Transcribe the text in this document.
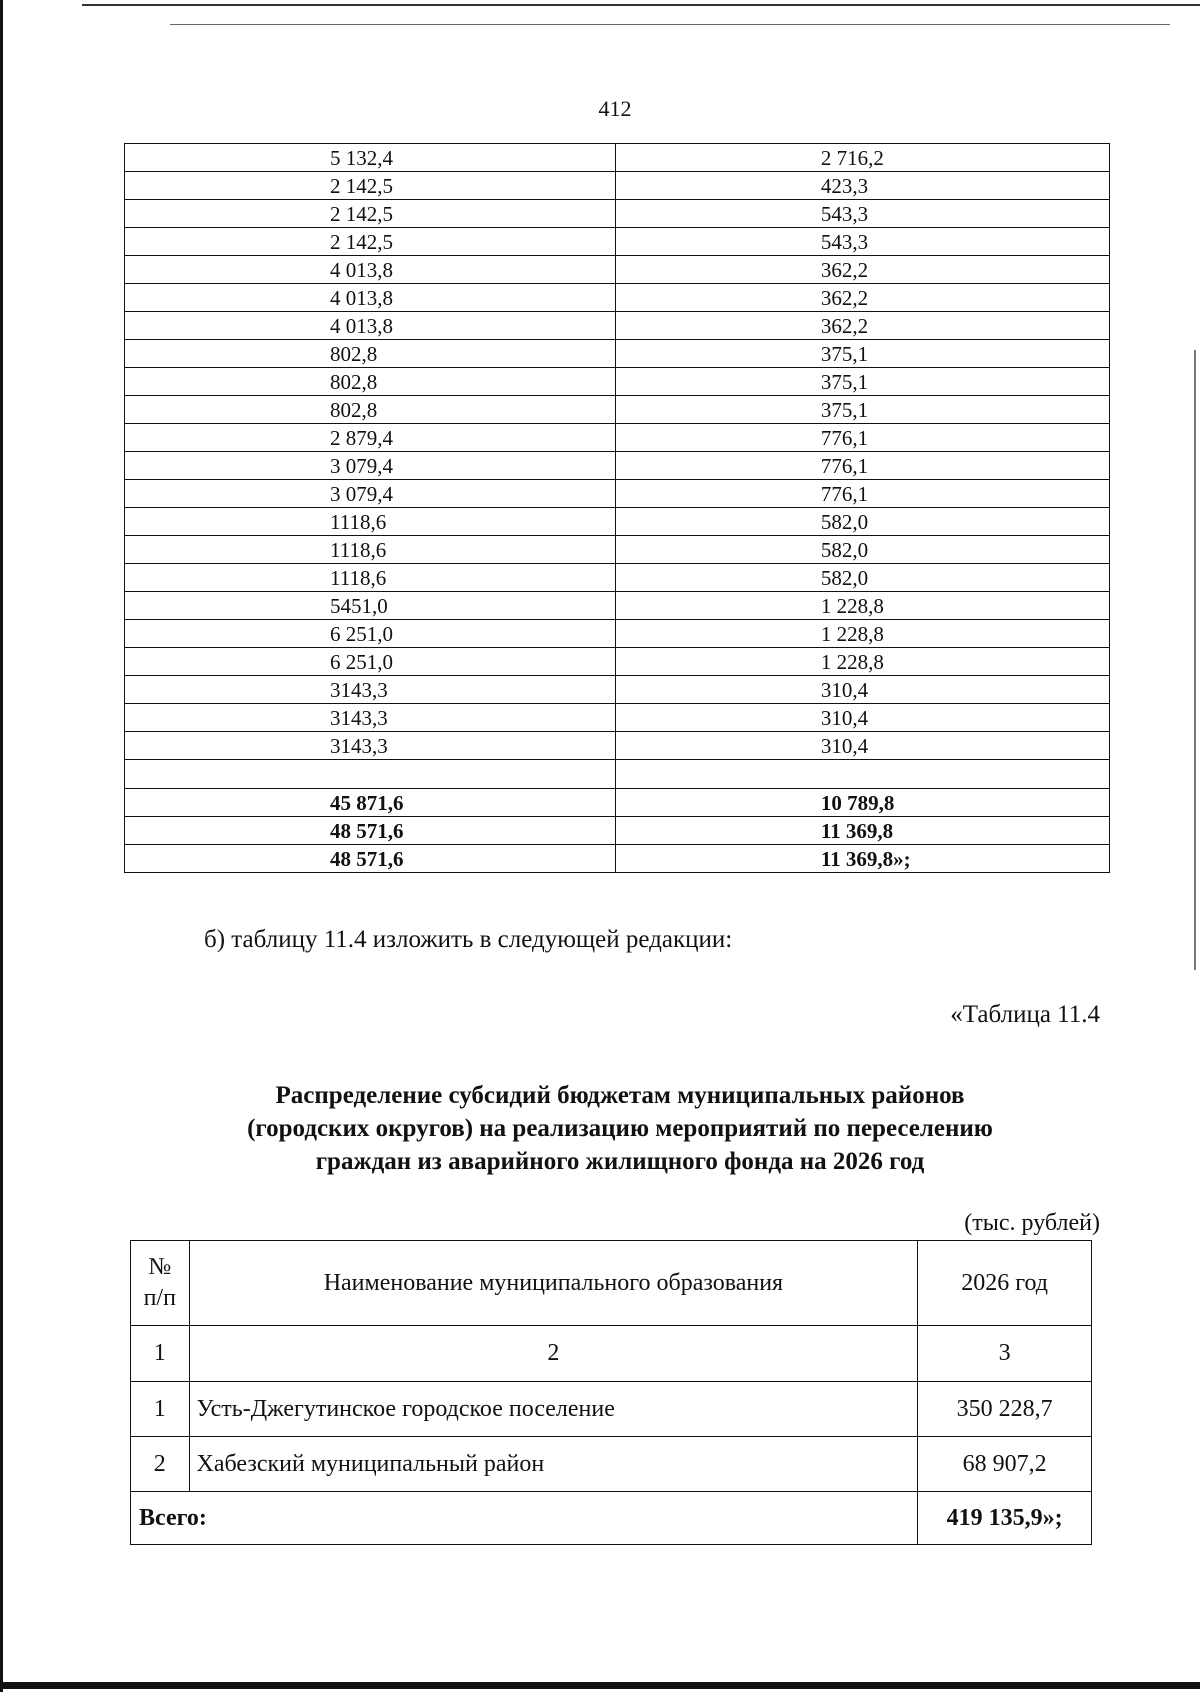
412
5 132,4	2 716,2
2 142,5	423,3
2 142,5	543,3
2 142,5	543,3
4 013,8	362,2
4 013,8	362,2
4 013,8	362,2
802,8	375,1
802,8	375,1
802,8	375,1
2 879,4	776,1
3 079,4	776,1
3 079,4	776,1
1118,6	582,0
1118,6	582,0
1118,6	582,0
5451,0	1 228,8
6 251,0	1 228,8
6 251,0	1 228,8
3143,3	310,4
3143,3	310,4
3143,3	310,4

45 871,6	10 789,8
48 571,6	11 369,8
48 571,6	11 369,8»;
б) таблицу 11.4 изложить в следующей редакции:
«Таблица 11.4
Распределение субсидий бюджетам муниципальных районов
(городских округов) на реализацию мероприятий по переселению
граждан из аварийного жилищного фонда на 2026 год
(тыс. рублей)
№
п/п	Наименование муниципального образования	2026 год
1	2	3
1	Усть-Джегутинское городское поселение	350 228,7
2	Хабезский муниципальный район	68 907,2
Всего:		419 135,9»;
